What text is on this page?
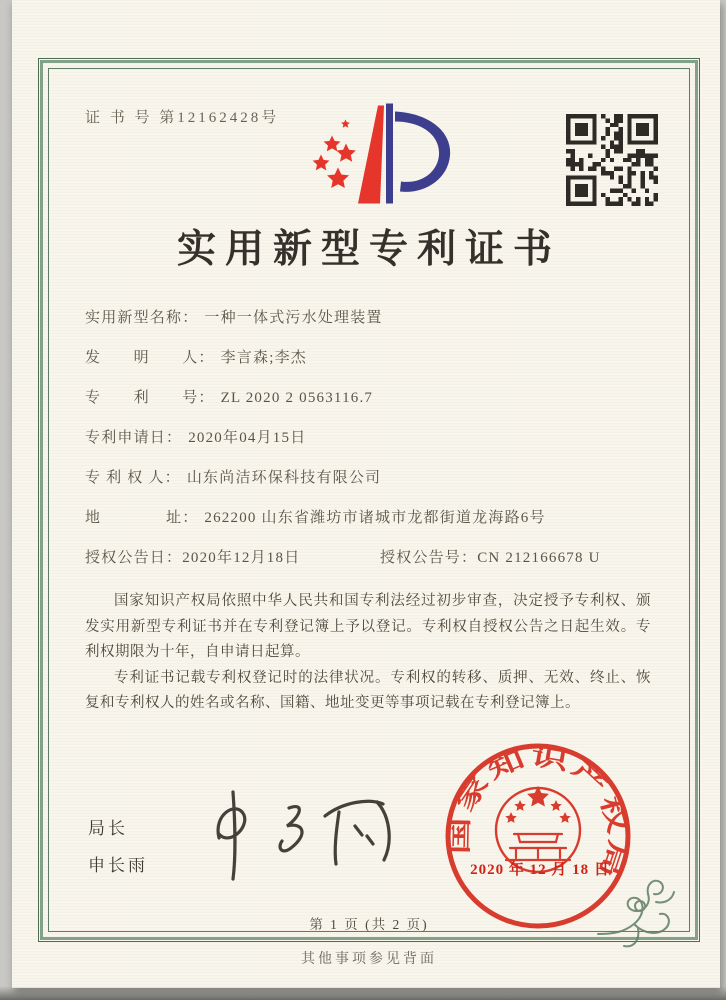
证 书 号 第12162428号
实用新型专利证书
实用新型名称： 一种一体式污水处理装置
发　　明　　人： 李言森;李杰
专　　利　　号： ZL 2020 2 0563116.7
专利申请日： 2020年04月15日
专 利 权 人： 山东尚洁环保科技有限公司
地　　　　址： 262200 山东省潍坊市诸城市龙都街道龙海路6号
授权公告日：2020年12月18日	授权公告号：CN 212166678 U

国家知识产权局依照中华人民共和国专利法经过初步审查，决定授予专利权、颁发实用新型专利证书并在专利登记簿上予以登记。专利权自授权公告之日起生效。专利权期限为十年，自申请日起算。

专利证书记载专利权登记时的法律状况。专利权的转移、质押、无效、终止、恢复和专利权人的姓名或名称、国籍、地址变更等事项记载在专利登记簿上。

局长
申长雨
国家知识产权局
2020 年 12 月 18 日
第 1 页 (共 2 页)
其他事项参见背面
